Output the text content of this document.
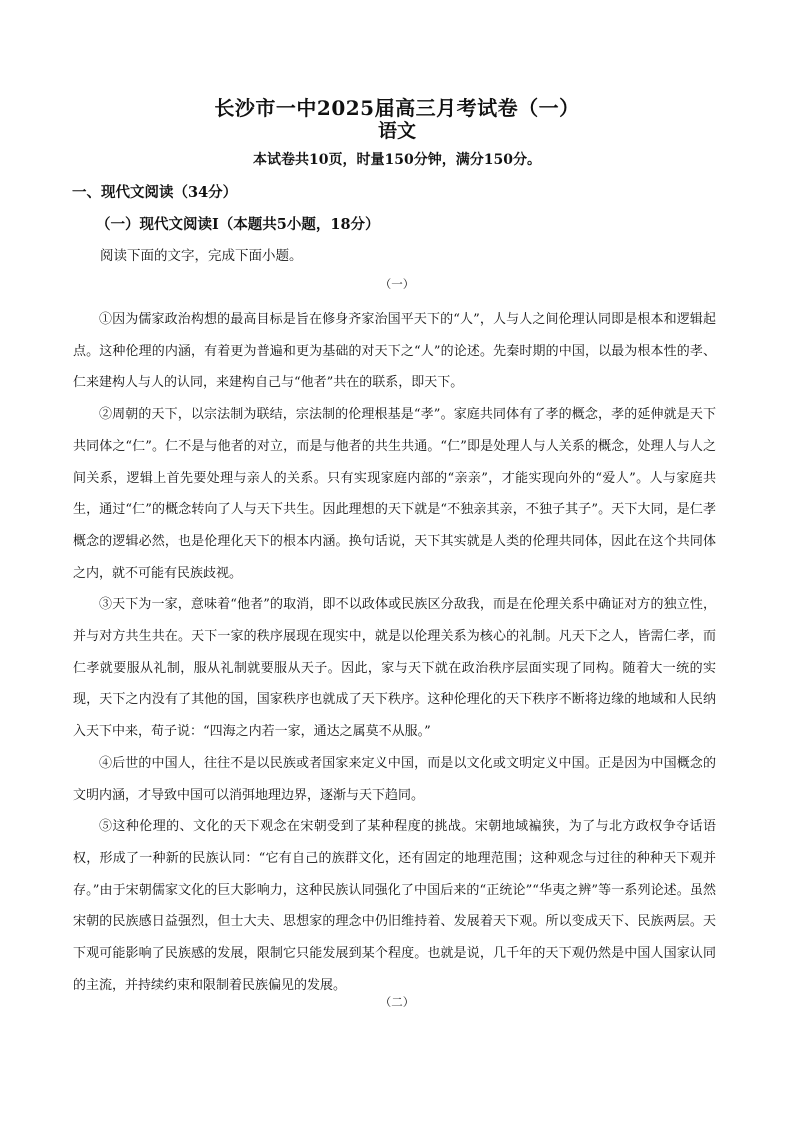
长沙市一中2025届高三月考试卷（一）
语文
本试卷共10页，时量150分钟，满分150分。
一、现代文阅读（34分）
（一）现代文阅读Ⅰ（本题共5小题，18分）
阅读下面的文字，完成下面小题。
（一）

①因为儒家政治构想的最高目标是旨在修身齐家治国平天下的“人”，人与人之间伦理认同即是根本和逻辑起点。这种伦理的内涵，有着更为普遍和更为基础的对天下之“人”的论述。先秦时期的中国，以最为根本性的孝、仁来建构人与人的认同，来建构自己与“他者”共在的联系，即天下。

②周朝的天下，以宗法制为联结，宗法制的伦理根基是“孝”。家庭共同体有了孝的概念，孝的延伸就是天下共同体之“仁”。仁不是与他者的对立，而是与他者的共生共通。“仁”即是处理人与人关系的概念，处理人与人之间关系，逻辑上首先要处理与亲人的关系。只有实现家庭内部的“亲亲”，才能实现向外的“爱人”。人与家庭共生，通过“仁”的概念转向了人与天下共生。因此理想的天下就是“不独亲其亲，不独子其子”。天下大同，是仁孝概念的逻辑必然，也是伦理化天下的根本内涵。换句话说，天下其实就是人类的伦理共同体，因此在这个共同体之内，就不可能有民族歧视。

③天下为一家，意味着“他者”的取消，即不以政体或民族区分敌我，而是在伦理关系中确证对方的独立性，并与对方共生共在。天下一家的秩序展现在现实中，就是以伦理关系为核心的礼制。凡天下之人，皆需仁孝，而仁孝就要服从礼制，服从礼制就要服从天子。因此，家与天下就在政治秩序层面实现了同构。随着大一统的实现，天下之内没有了其他的国，国家秩序也就成了天下秩序。这种伦理化的天下秩序不断将边缘的地域和人民纳入天下中来，荀子说：“四海之内若一家，通达之属莫不从服。”

④后世的中国人，往往不是以民族或者国家来定义中国，而是以文化或文明定义中国。正是因为中国概念的文明内涵，才导致中国可以消弭地理边界，逐渐与天下趋同。

⑤这种伦理的、文化的天下观念在宋朝受到了某种程度的挑战。宋朝地域褊狭，为了与北方政权争夺话语权，形成了一种新的民族认同：“它有自己的族群文化，还有固定的地理范围；这种观念与过往的种种天下观并存。”由于宋朝儒家文化的巨大影响力，这种民族认同强化了中国后来的“正统论”“华夷之辨”等一系列论述。虽然宋朝的民族感日益强烈，但士大夫、思想家的理念中仍旧维持着、发展着天下观。所以变成天下、民族两层。天下观可能影响了民族感的发展，限制它只能发展到某个程度。也就是说，几千年的天下观仍然是中国人国家认同的主流，并持续约束和限制着民族偏见的发展。

（二）
